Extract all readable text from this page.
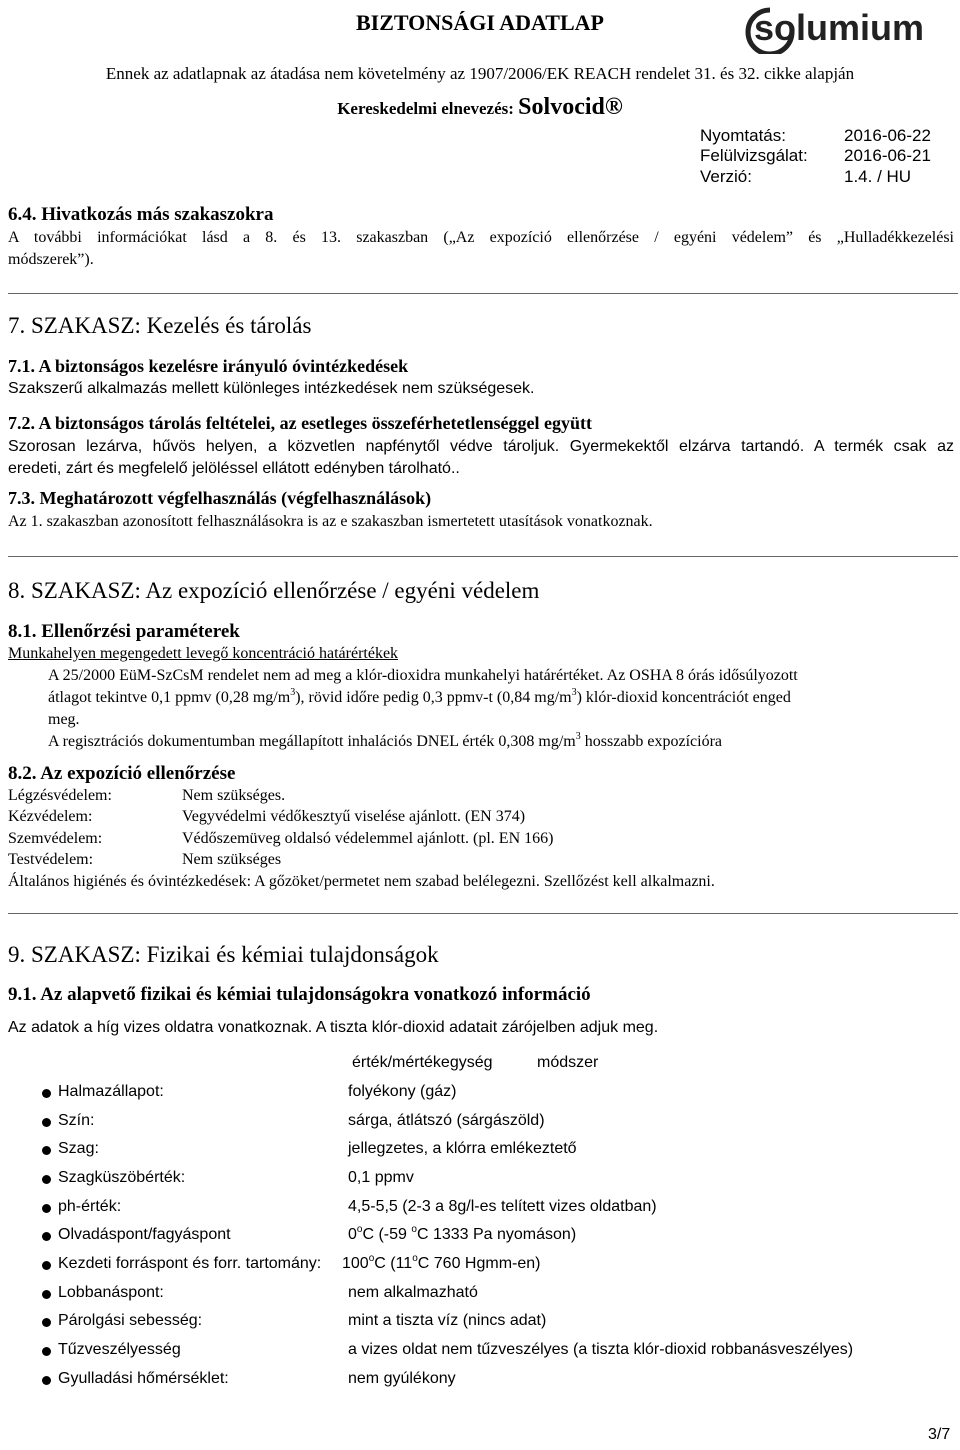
BIZTONSÁGI ADATLAP	solumium
Ennek az adatlapnak az átadása nem követelmény az 1907/2006/EK REACH rendelet 31. és 32. cikke alapján
Kereskedelmi elnevezés: Solvocid®
Nyomtatás:	2016-06-22
Felülvizsgálat: 2016-06-21
Verzió:	1.4. / HU
6.4. Hivatkozás más szakaszokra
A további információkat lásd a 8. és 13. szakaszban („Az expozíció ellenőrzése / egyéni védelem” és „Hulladékkezelési
módszerek”).
7. SZAKASZ: Kezelés és tárolás
7.1. A biztonságos kezelésre irányuló óvintézkedések
Szakszerű alkalmazás mellett különleges intézkedések nem szükségesek.
7.2. A biztonságos tárolás feltételei, az esetleges összeférhetetlenséggel együtt
Szorosan lezárva, hűvös helyen, a közvetlen napfénytől védve tároljuk. Gyermekektől elzárva tartandó. A termék csak az
eredeti, zárt és megfelelő jelöléssel ellátott edényben tárolható..
7.3. Meghatározott végfelhasználás (végfelhasználások)
Az 1. szakaszban azonosított felhasználásokra is az e szakaszban ismertetett utasítások vonatkoznak.
8. SZAKASZ: Az expozíció ellenőrzése / egyéni védelem
8.1. Ellenőrzési paraméterek
Munkahelyen megengedett levegő koncentráció határértékek
A 25/2000 EüM-SzCsM rendelet nem ad meg a klór-dioxidra munkahelyi határértéket. Az OSHA 8 órás idősúlyozott
átlagot tekintve 0,1 ppmv (0,28 $mg/m^3$), rövid időre pedig 0,3 ppmv-t (0,84 $mg/m^3$) klór-dioxid koncentrációt enged
meg.
A regisztrációs dokumentumban megállapított inhalációs DNEL érték 0,308 $mg/m^3$ hosszabb expozícióra
8.2. Az expozíció ellenőrzése
Légzésvédelem:	Nem szükséges.
Kézvédelem:	Vegyvédelmi védőkesztyű viselése ajánlott. (EN 374)
Szemvédelem:	Védőszemüveg oldalsó védelemmel ajánlott. (pl. EN 166)
Testvédelem:	Nem szükséges
Általános higiénés és óvintézkedések: A gőzöket/permetet nem szabad belélegezni. Szellőzést kell alkalmazni.
9. SZAKASZ: Fizikai és kémiai tulajdonságok
9.1. Az alapvető fizikai és kémiai tulajdonságokra vonatkozó információ
Az adatok a híg vizes oldatra vonatkoznak. A tiszta klór-dioxid adatait zárójelben adjuk meg.
érték/mértékegység	módszer
Halmazállapot:	folyékony (gáz)
Szín:	sárga, átlátszó (sárgászöld)
Szag:	jellegzetes, a klórra emlékeztető
Szagküszöbérték:	0,1 ppmv
ph-érték:	4,5-5,5 (2-3 a 8g/l-es telített vizes oldatban)
Olvadáspont/fagyáspont	0$^o$C (-59 $^o$C 1333 Pa nyomáson)
Kezdeti forráspont és forr. tartomány: 100$^o$C (11$^o$C 760 Hgmm-en)
Lobbanáspont:	nem alkalmazható
Párolgási sebesség:	mint a tiszta víz (nincs adat)
Tűzveszélyesség	a vizes oldat nem tűzveszélyes (a tiszta klór-dioxid robbanásveszélyes)
Gyulladási hőmérséklet:	nem gyúlékony
3/7
